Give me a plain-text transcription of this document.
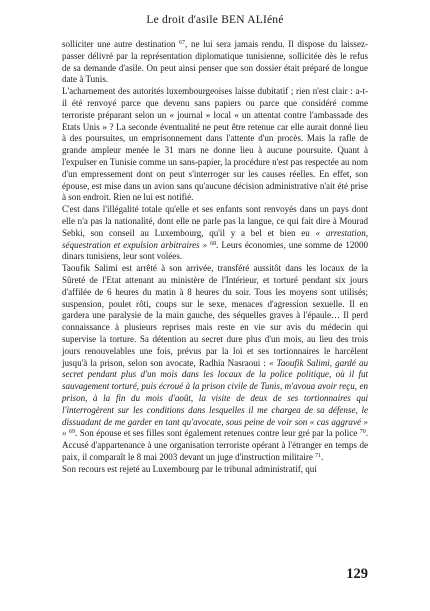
Le droit d'asile BEN ALIéné

solliciter une autre destination $^{67}$, ne lui sera jamais rendu. Il dispose du laissez-passer délivré par la représentation diplomatique tunisienne, sollicitée dès le refus de sa demande d'asile. On peut ainsi penser que son dossier était préparé de longue date à Tunis.

L'acharnement des autorités luxembourgeoises laisse dubitatif ; rien n'est clair : a-t-il été renvoyé parce que devenu sans papiers ou parce que considéré comme terroriste préparant selon un « journal » local « un attentat contre l'ambassade des Etats Unis » ? La seconde éventualité ne peut être retenue car elle aurait donné lieu à des poursuites, un emprisonnement dans l'attente d'un procès. Mais la rafle de grande ampleur menée le 31 mars ne donne lieu à aucune poursuite. Quant à l'expulser en Tunisie comme un sans-papier, la procédure n'est pas respectée au nom d'un empressement dont on peut s'interroger sur les causes réelles. En effet, son épouse, est mise dans un avion sans qu'aucune décision administrative n'ait été prise à son endroit. Rien ne lui est notifié.

C'est dans l'illégalité totale qu'elle et ses enfants sont renvoyés dans un pays dont elle n'a pas la nationalité, dont elle ne parle pas la langue, ce qui fait dire à Mourad Sebki, son conseil au Luxembourg, qu'il y a bel et bien eu « arrestation, séquestration et expulsion arbitraires » $^{68}$. Leurs économies, une somme de 12000 dinars tunisiens, leur sont volées.

Taoufik Salimi est arrêté à son arrivée, transféré aussitôt dans les locaux de la Sûreté de l'Etat attenant au ministère de l'Intérieur, et torturé pendant six jours d'affilée de 6 heures du matin à 8 heures du soir. Tous les moyens sont utilisés; suspension, poulet rôti, coups sur le sexe, menaces d'agression sexuelle. Il en gardera une paralysie de la main gauche, des séquelles graves à l'épaule… Il perd connaissance à plusieurs reprises mais reste en vie sur avis du médecin qui supervise la torture. Sa détention au secret dure plus d'un mois, au lieu des trois jours renouvelables une fois, prévus par la loi et ses tortionnaires le harcèlent jusqu'à la prison, selon son avocate, Radhia Nasraoui : « Taoufik Salimi, gardé au secret pendant plus d'un mois dans les locaux de la police politique, où il fut sauvagement torturé, puis écroué à la prison civile de Tunis, m'avoua avoir reçu, en prison, à la fin du mois d'août, la visite de deux de ses tortionnaires qui l'interrogèrent sur les conditions dans lesquelles il me chargea de sa défense, le dissuadant de me garder en tant qu'avocate, sous peine de voir son « cas aggravé » » $^{69}$. Son épouse et ses filles sont également retenues contre leur gré par la police $^{70}$. Accusé d'appartenance à une organisation terroriste opérant à l'étranger en temps de paix, il comparaît le 8 mai 2003 devant un juge d'instruction militaire $^{71}$.

Son recours est rejeté au Luxembourg par le tribunal administratif, qui

129
